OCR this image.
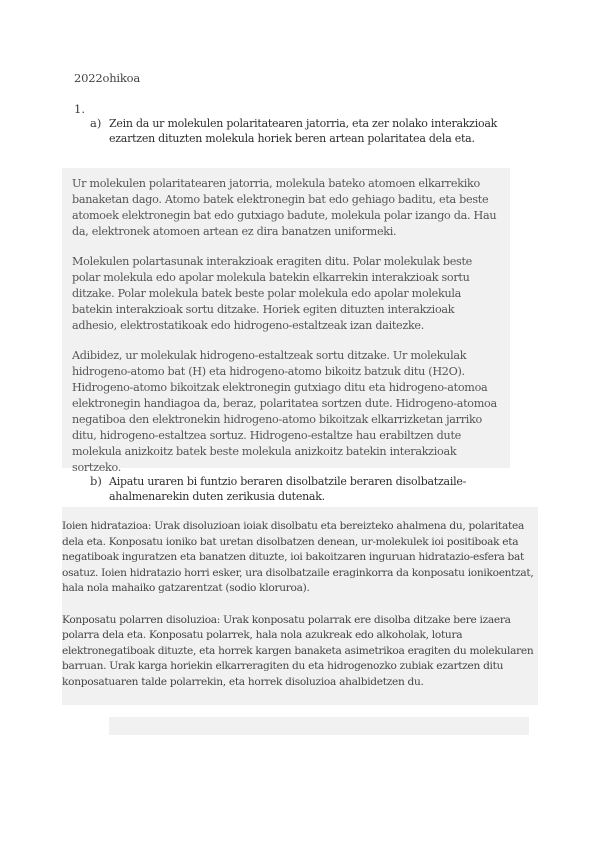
2022ohikoa
1.
a) Zein da ur molekulen polaritatearen jatorria, eta zer nolako interakzioak ezartzen dituzten molekula horiek beren artean polaritatea dela eta.

Ur molekulen polaritatearen jatorria, molekula bateko atomoen elkarrekiko banaketan dago. Atomo batek elektronegin bat edo gehiago baditu, eta beste atomoek elektronegin bat edo gutxiago badute, molekula polar izango da. Hau da, elektronek atomoen artean ez dira banatzen uniformeki.

Molekulen polartasunak interakzioak eragiten ditu. Polar molekulak beste polar molekula edo apolar molekula batekin elkarrekin interakzioak sortu ditzake. Polar molekula batek beste polar molekula edo apolar molekula batekin interakzioak sortu ditzake. Horiek egiten dituzten interakzioak adhesio, elektrostatikoak edo hidrogeno-estaltzeak izan daitezke.

Adibidez, ur molekulak hidrogeno-estaltzeak sortu ditzake. Ur molekulak hidrogeno-atomo bat (H) eta hidrogeno-atomo bikoitz batzuk ditu (H2O). Hidrogeno-atomo bikoitzak elektronegin gutxiago ditu eta hidrogeno-atomoa elektronegin handiagoa da, beraz, polaritatea sortzen dute. Hidrogeno-atomoa negatiboa den elektronekin hidrogeno-atomo bikoitzak elkarrizketan jarriko ditu, hidrogeno-estaltzea sortuz. Hidrogeno-estaltze hau erabiltzen dute molekula anizkoitz batek beste molekula anizkoitz batekin interakzioak sortzeko.

b) Aipatu uraren bi funtzio beraren disolbatzile beraren disolbatzaile-ahalmenarekin duten zerikusia dutenak.

Ioien hidratazioa: Urak disoluzioan ioiak disolbatu eta bereizteko ahalmena du, polaritatea dela eta. Konposatu ioniko bat uretan disolbatzen denean, ur-molekulek ioi positiboak eta negatiboak inguratzen eta banatzen dituzte, ioi bakoitzaren inguruan hidratazio-esfera bat osatuz. Ioien hidratazio horri esker, ura disolbatzaile eraginkorra da konposatu ionikoentzat, hala nola mahaiko gatzarentzat (sodio kloruroa).

Konposatu polarren disoluzioa: Urak konposatu polarrak ere disolba ditzake bere izaera polarra dela eta. Konposatu polarrek, hala nola azukreak edo alkoholak, lotura elektronegatiboak dituzte, eta horrek kargen banaketa asimetrikoa eragiten du molekularen barruan. Urak karga horiekin elkarreragiten du eta hidrogenozko zubiak ezartzen ditu konposatuaren talde polarrekin, eta horrek disoluzioa ahalbidetzen du.
